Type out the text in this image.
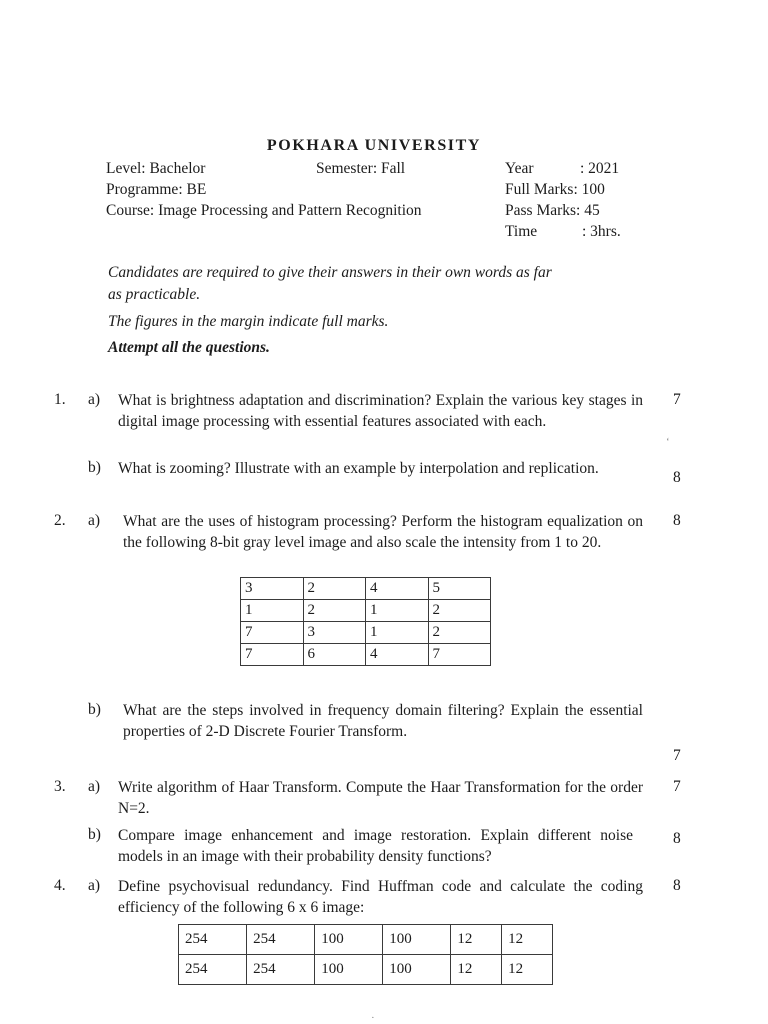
POKHARA UNIVERSITY
Level: Bachelor	Semester: Fall
Programme: BE
Course: Image Processing and Pattern Recognition
Year	: 2021
Full Marks: 100
Pass Marks: 45
Time	: 3hrs.
Candidates are required to give their answers in their own words as far
as practicable.
The figures in the margin indicate full marks.
Attempt all the questions.
1. a) What is brightness adaptation and discrimination? Explain the various key stages in digital image processing with essential features associated with each.
7
b) What is zooming? Illustrate with an example by interpolation and replication.
8
2. a) What are the uses of histogram processing? Perform the histogram equalization on the following 8-bit gray level image and also scale the intensity from 1 to 20.
8
3	2	4	5
1	2	1	2
7	3	1	2
7	6	4	7
b) What are the steps involved in frequency domain filtering? Explain the essential properties of 2-D Discrete Fourier Transform.
7
3. a) Write algorithm of Haar Transform. Compute the Haar Transformation for the order N=2.
7
b) Compare image enhancement and image restoration. Explain different noise models in an image with their probability density functions?
8
4. a) Define psychovisual redundancy. Find Huffman code and calculate the coding efficiency of the following 6 x 6 image:
8
254	254	100	100	12	12
254	254	100	100	12	12
‘
·
